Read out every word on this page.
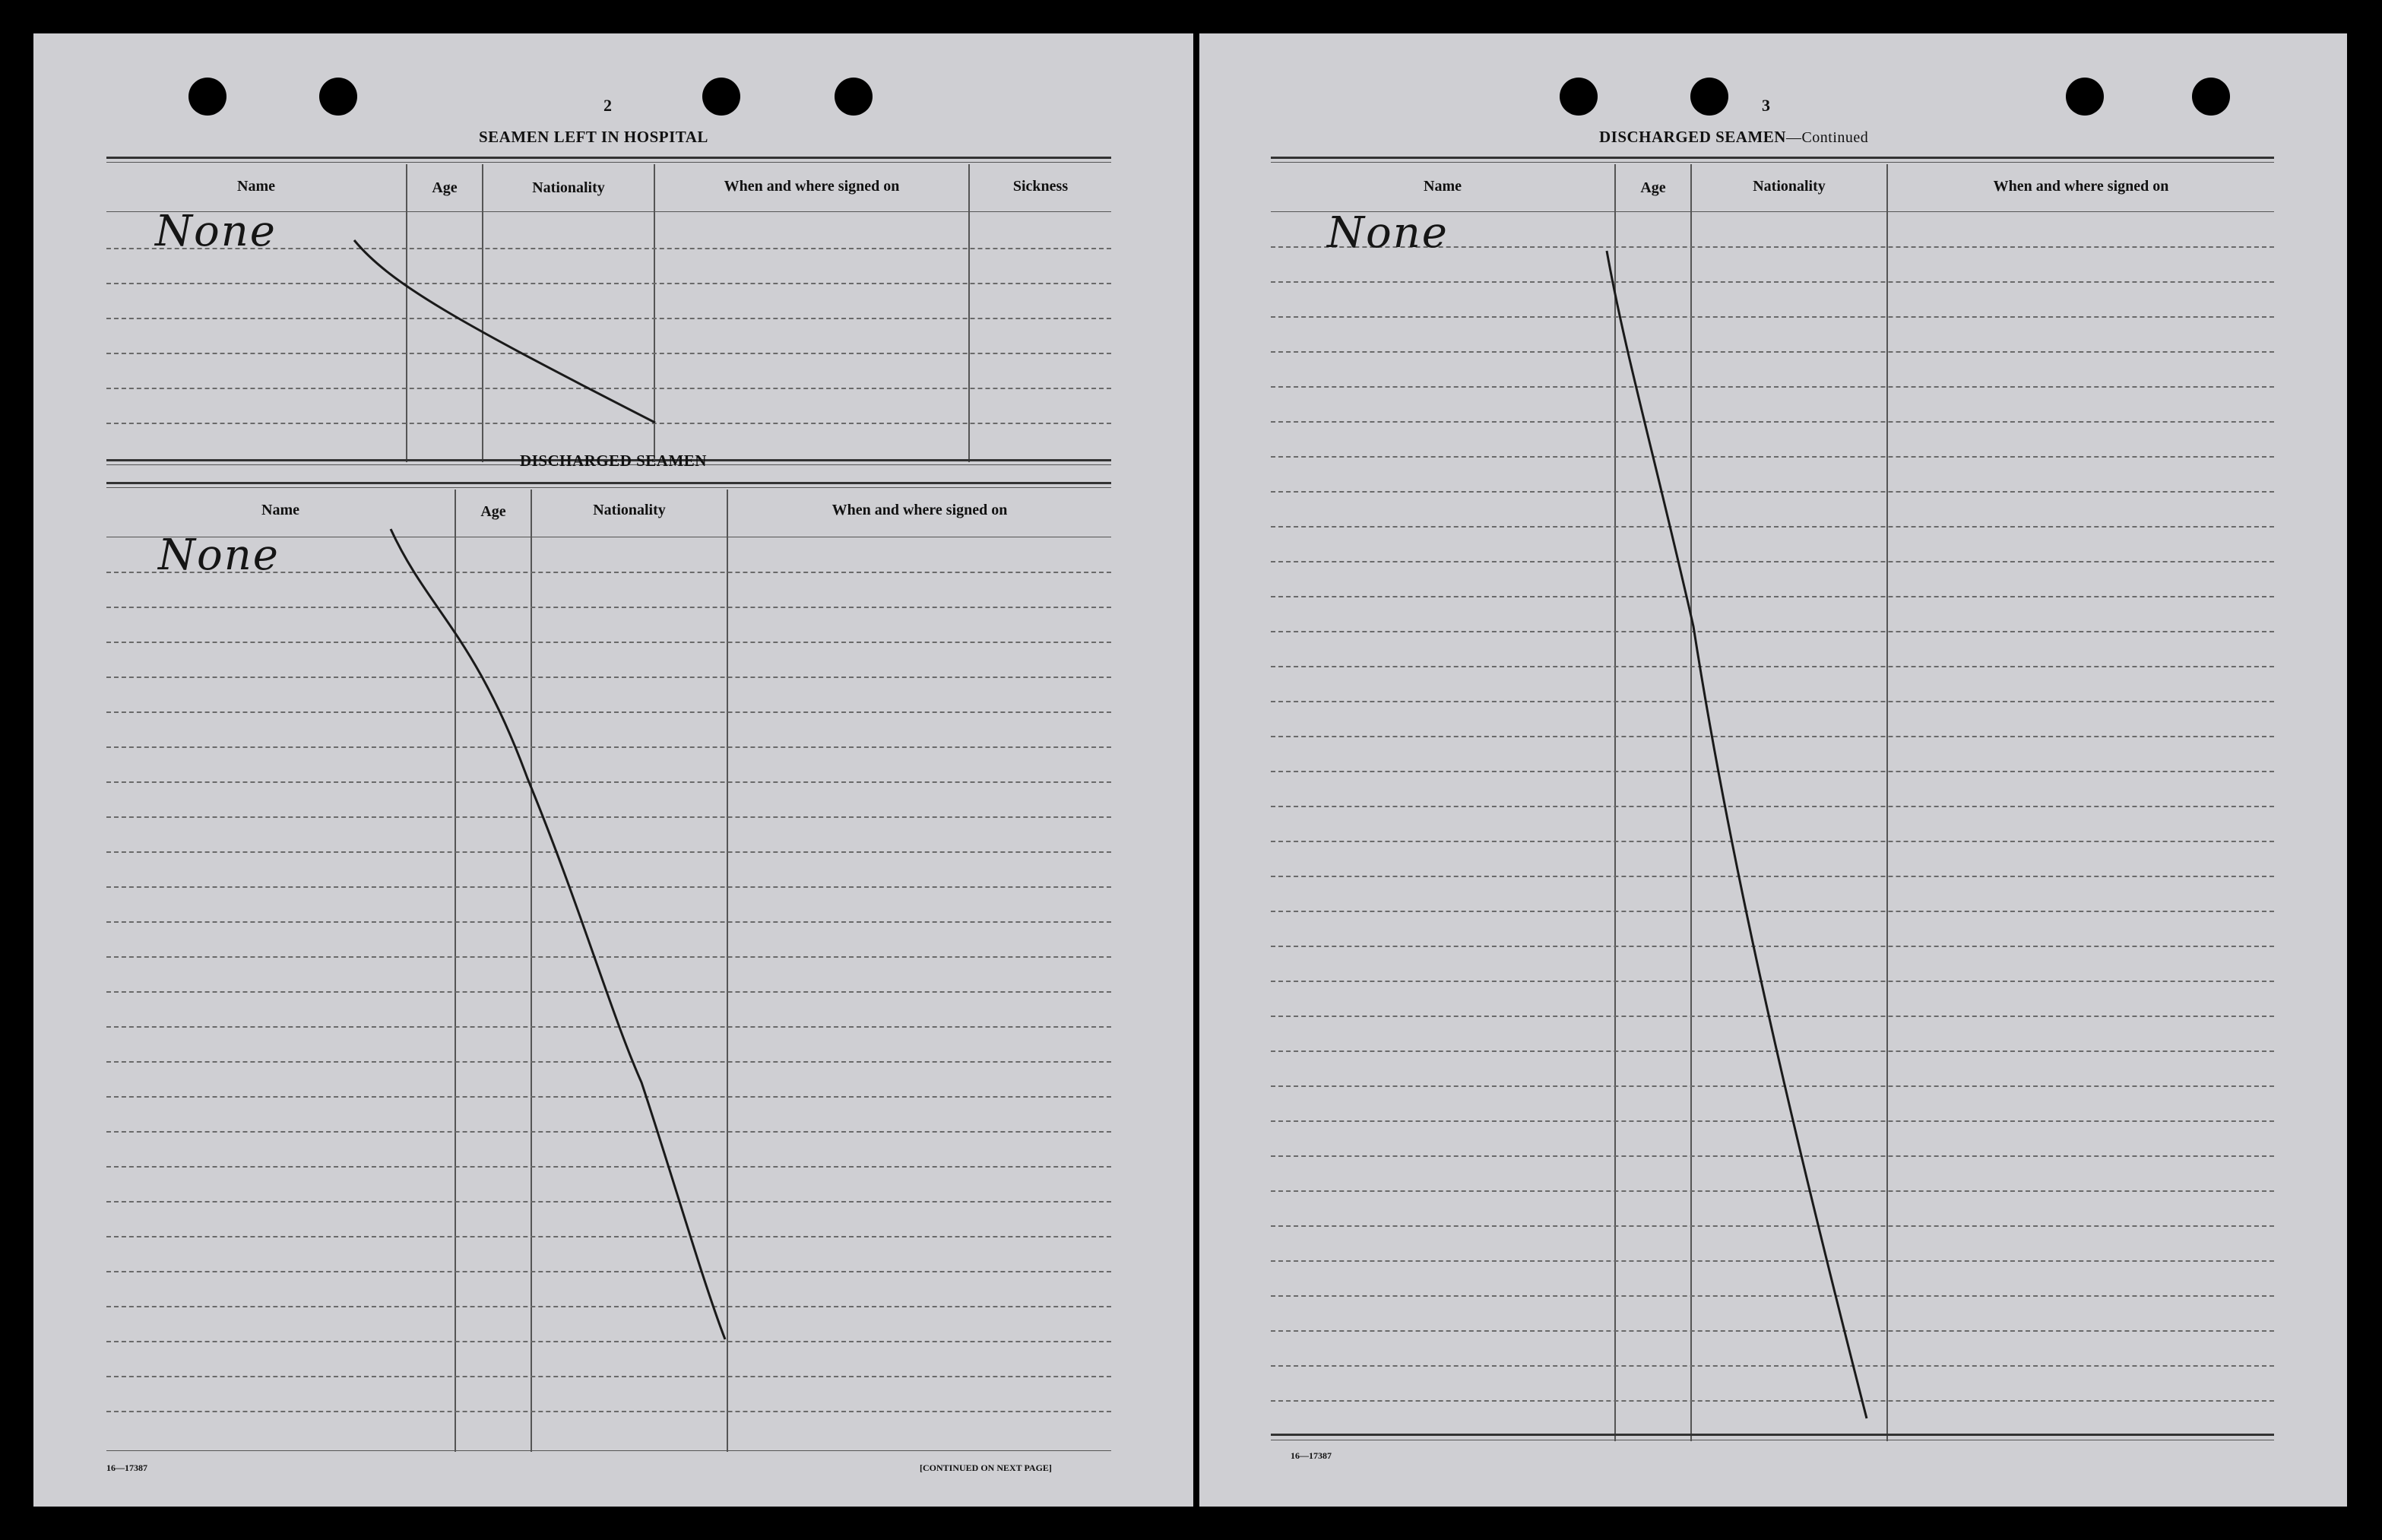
2
SEAMEN LEFT IN HOSPITAL
Name	Age	Nationality	When and where signed on	Sickness
None
DISCHARGED SEAMEN
Name	Age	Nationality	When and where signed on
None
16—17387	[CONTINUED ON NEXT PAGE]
3
DISCHARGED SEAMEN—Continued
Name	Age	Nationality	When and where signed on
None
16—17387
